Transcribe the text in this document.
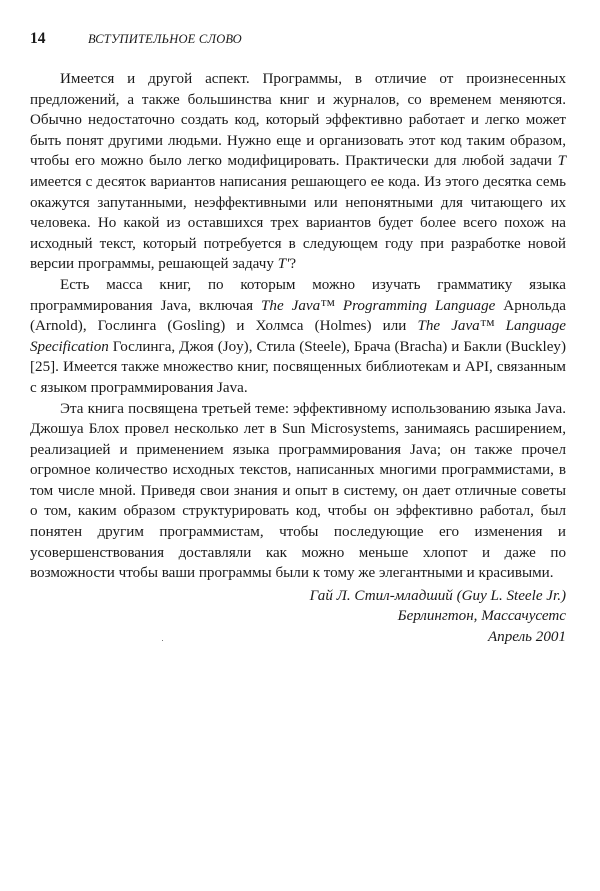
14	ВСТУПИТЕЛЬНОЕ СЛОВО

Имеется и другой аспект. Программы, в отличие от произнесенных предложений, а также большинства книг и журналов, со временем меняются. Обычно недостаточно создать код, который эффективно работает и легко может быть понят другими людьми. Нужно еще и организовать этот код таким образом, чтобы его можно было легко модифицировать. Практически для любой задачи T имеется с десяток вариантов написания решающего ее кода. Из этого десятка семь окажутся запутанными, неэффективными или непонятными для читающего их человека. Но какой из оставшихся трех вариантов будет более всего похож на исходный текст, который потребуется в следующем году при разработке новой версии программы, решающей задачу T'?

Есть масса книг, по которым можно изучать грамматику языка программирования Java, включая The Java™ Programming Language Арнольда (Arnold), Гослинга (Gosling) и Холмса (Holmes) или The Java™ Language Specification Гослинга, Джоя (Joy), Стила (Steele), Брача (Bracha) и Бакли (Buckley) [25]. Имеется также множество книг, посвященных библиотекам и API, связанным с языком программирования Java.

Эта книга посвящена третьей теме: эффективному использованию языка Java. Джошуа Блох провел несколько лет в Sun Microsystems, занимаясь расширением, реализацией и применением языка программирования Java; он также прочел огромное количество исходных текстов, написанных многими программистами, в том числе мной. Приведя свои знания и опыт в систему, он дает отличные советы о том, каким образом структурировать код, чтобы он эффективно работал, был понятен другим программистам, чтобы последующие его изменения и усовершенствования доставляли как можно меньше хлопот и даже по возможности чтобы ваши программы были к тому же элегантными и красивыми.

Гай Л. Стил-младший (Guy L. Steele Jr.)
Берлингтон, Массачусетс
Апрель 2001
